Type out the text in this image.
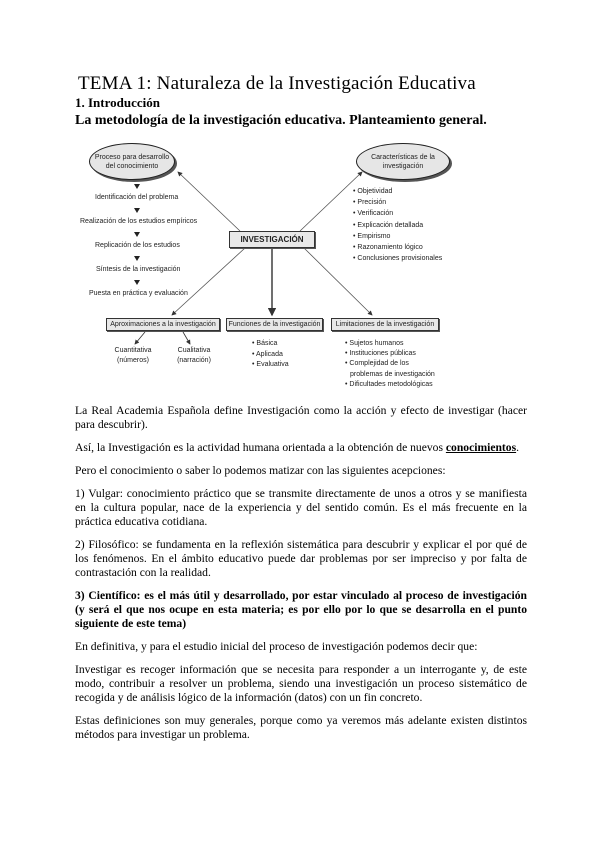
TEMA 1: Naturaleza de la Investigación Educativa
1. Introducción
La metodología de la investigación educativa. Planteamiento general.
Proceso para desarrollo del conocimiento
Identificación del problema
Realización de los estudios empíricos
Replicación de los estudios
Síntesis de la investigación
Puesta en práctica y evaluación
INVESTIGACIÓN
Características de la investigación
• Objetividad
• Precisión
• Verificación
• Explicación detallada
• Empirismo
• Razonamiento lógico
• Conclusiones provisionales
Aproximaciones a la investigación	Funciones de la investigación	Limitaciones de la investigación
Cuantitativa
(números)
Cualitativa
(narración)
• Básica
• Aplicada
• Evaluativa
• Sujetos humanos
• Instituciones públicas
• Complejidad de los
problemas de investigación
• Dificultades metodológicas

La Real Academia Española define Investigación como la acción y efecto de investigar (hacer para descubrir).

Así, la Investigación es la actividad humana orientada a la obtención de nuevos conocimientos.

Pero el conocimiento o saber lo podemos matizar con las siguientes acepciones:

1) Vulgar: conocimiento práctico que se transmite directamente de unos a otros y se manifiesta en la cultura popular, nace de la experiencia y del sentido común. Es el más frecuente en la práctica educativa cotidiana.

2) Filosófico: se fundamenta en la reflexión sistemática para descubrir y explicar el por qué de los fenómenos. En el ámbito educativo puede dar problemas por ser impreciso y por falta de contrastación con la realidad.

3) Científico: es el más útil y desarrollado, por estar vinculado al proceso de investigación (y será el que nos ocupe en esta materia; es por ello por lo que se desarrolla en el punto siguiente de este tema)

En definitiva, y para el estudio inicial del proceso de investigación podemos decir que:

Investigar es recoger información que se necesita para responder a un interrogante y, de este modo, contribuir a resolver un problema, siendo una investigación un proceso sistemático de recogida y de análisis lógico de la información (datos) con un fin concreto.

Estas definiciones son muy generales, porque como ya veremos más adelante existen distintos métodos para investigar un problema.
